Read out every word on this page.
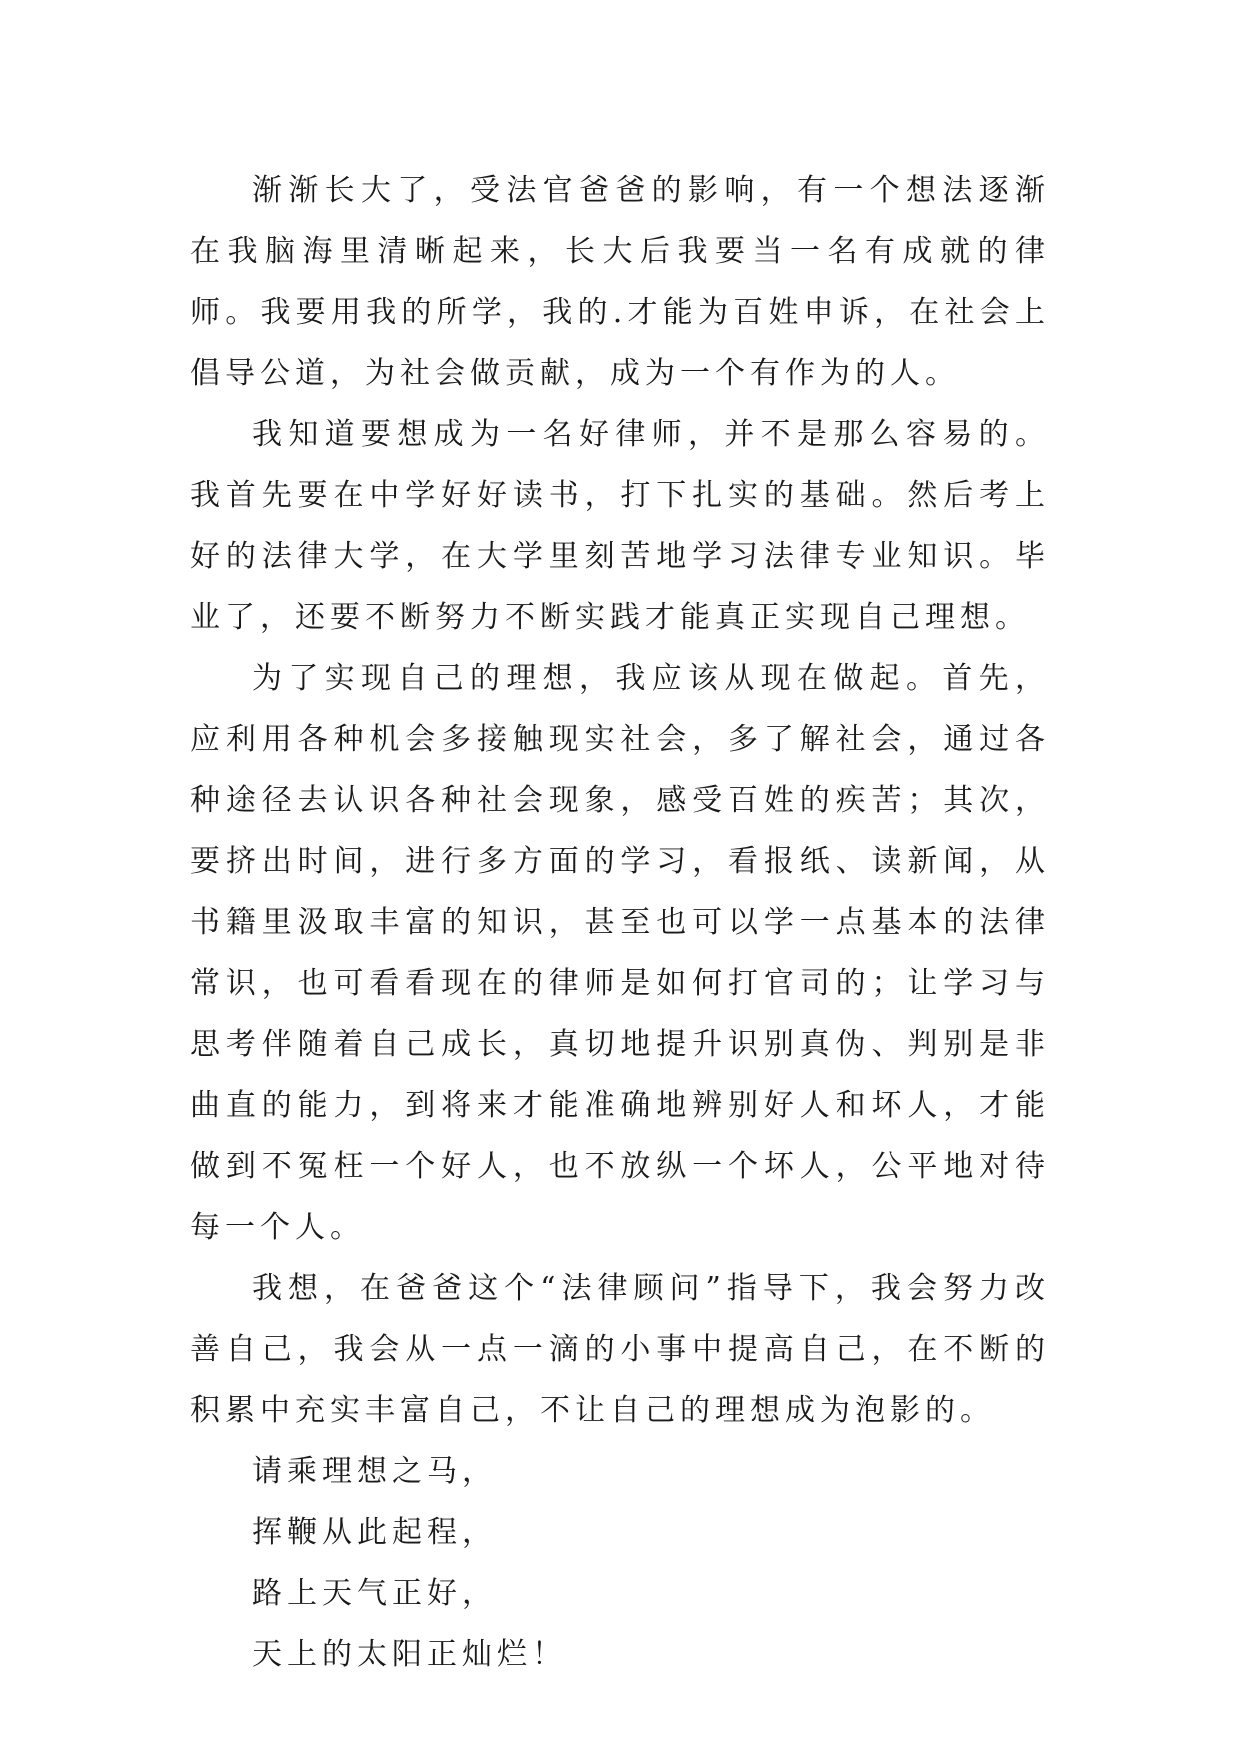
渐渐长大了，受法官爸爸的影响，有一个想法逐渐在我脑海里清晰起来，长大后我要当一名有成就的律师。我要用我的所学，我的.才能为百姓申诉，在社会上倡导公道，为社会做贡献，成为一个有作为的人。

我知道要想成为一名好律师，并不是那么容易的。我首先要在中学好好读书，打下扎实的基础。然后考上好的法律大学，在大学里刻苦地学习法律专业知识。毕业了，还要不断努力不断实践才能真正实现自己理想。

为了实现自己的理想，我应该从现在做起。首先，应利用各种机会多接触现实社会，多了解社会，通过各种途径去认识各种社会现象，感受百姓的疾苦；其次，要挤出时间，进行多方面的学习，看报纸、读新闻，从书籍里汲取丰富的知识，甚至也可以学一点基本的法律常识，也可看看现在的律师是如何打官司的；让学习与思考伴随着自己成长，真切地提升识别真伪、判别是非曲直的能力，到将来才能准确地辨别好人和坏人，才能做到不冤枉一个好人，也不放纵一个坏人，公平地对待每一个人。

我想，在爸爸这个“法律顾问”指导下，我会努力改善自己，我会从一点一滴的小事中提高自己，在不断的积累中充实丰富自己，不让自己的理想成为泡影的。

请乘理想之马，

挥鞭从此起程，

路上天气正好，

天上的太阳正灿烂！
